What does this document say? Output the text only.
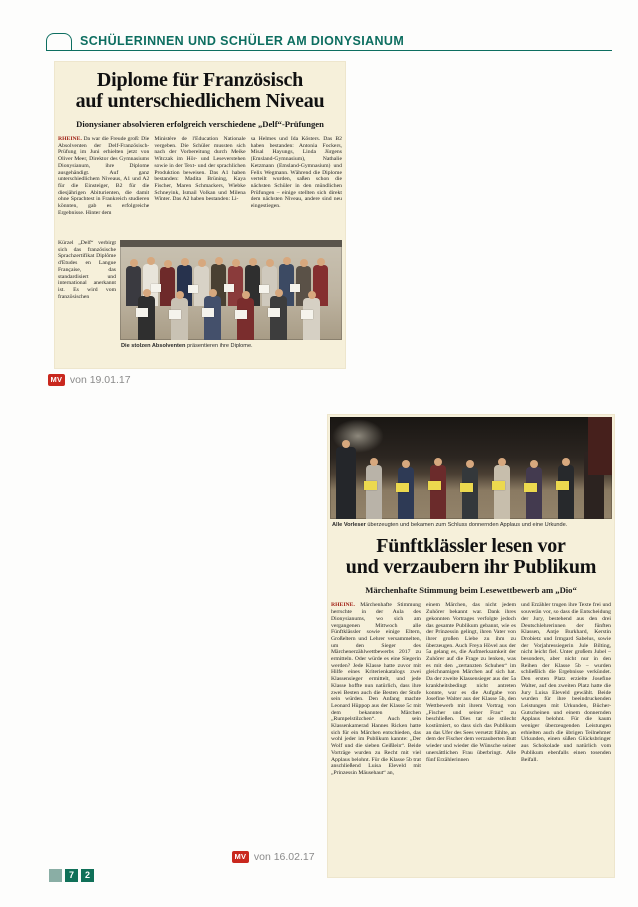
SCHÜLERINNEN UND SCHÜLER AM DIONYSIANUM
Diplome für Französisch
auf unterschiedlichem Niveau
Dionysianer absolvieren erfolgreich verschiedene „Delf“-Prüfungen
RHEINE. Da war die Freude groß: Die Absolventen der Delf-Französisch-Prüfung im Juni erhielten jetzt von Oliver Meer, Direktor des Gymnasiums Dionysianum, ihre Diplome ausgehändigt. Auf ganz unterschiedlichem Niveaus, A1 und A2 für die Einsteiger, B2 für die diesjährigen Abiturienten, die damit ohne Sprachtest in Frankreich studieren könnten, gab es erfolgreiche Ergebnisse. Hinter dem
Ministère de l'Education Nationale vergeben. Die Schüler mussten sich nach der Vorbereitung durch Meike Witczak im Hör- und Leseverstehen sowie in der Text- und der sprachlichen Produktion beweisen. Das A1 haben bestanden: Madita Brüning, Kaya Fischer, Maren Schmackers, Wiebke Schneyink, Ismail Volkan und Milena Winter. Das A2 haben bestanden: Li-
sa Helmes und Ida Kösters. Das B2 haben bestanden: Antonia Fockers, Misal Hayungs, Linda Jürgens (Emsland-Gymnasium), Nathalie Ketzmann (Emsland-Gymnasium) und Felix Wegmann. Während die Diplome verteilt wurden, saßen schon die nächsten Schüler in den mündlichen Prüfungen – einige stellten sich direkt dem nächsten Niveau, andere sind neu eingestiegen.
Kürzel „Delf“ verbirgt sich das französische Sprachzertifikat Diplôme d'Etudes en Langue Française, das standardisiert und international anerkannt ist. Es wird vom französischen
Die stolzen Absolventen präsentieren ihre Diplome.
MV von 19.01.17
Alle Vorleser überzeugten und bekamen zum Schluss donnernden Applaus und eine Urkunde.
Fünftklässler lesen vor
und verzaubern ihr Publikum
Märchenhafte Stimmung beim Lesewettbewerb am „Dio“
RHEINE. Märchenhafte Stimmung herrschte in der Aula des Dionysianums, wo sich am vergangenen Mittwoch alle Fünftklässler sowie einige Eltern, Großeltern und Lehrer versammelten, um den Sieger des Märchenerzählwettbewerbs 2017 zu ermitteln. Oder würde es eine Siegerin werden? Jede Klasse hatte zuvor mit Hilfe eines Kriterienkatalogs zwei Klassensieger ermittelt, und jede Klasse hoffte nun natürlich, dass ihre zwei Besten auch die Besten der Stufe sein würden. Den Anfang machte Leonard Hüppop aus der Klasse 5c mit dem bekannten Märchen „Rumpelstilzchen“. Auch sein Klassenkamerad Hannes Ricken hatte sich für ein Märchen entschieden, das wohl jeder im Publikum kannte: „Der Wolf und die sieben Geißlein“. Beide Vorträge wurden zu Recht mit viel Applaus belohnt. Für die Klasse 5b trat anschließend Luisa Eleveld mit „Prinzessin Mäusehaut“ an,
einem Märchen, das nicht jedem Zuhörer bekannt war. Dank ihres gekonnten Vortrages verfolgte jedoch das gesamte Publikum gebannt, wie es der Prinzessin gelingt, ihren Vater von ihrer großen Liebe zu ihm zu überzeugen. Auch Freya Hövel aus der 5a gelang es, die Aufmerksamkeit der Zuhörer auf die Frage zu lenken, was es mit den „zertanzten Schuhen“ im gleichnamigen Märchen auf sich hat. Da der zweite Klassensieger aus der 5a krankheitsbedingt nicht antreten konnte, war es die Aufgabe von Josefine Walter aus der Klasse 5b, den Wettbewerb mit ihrem Vortrag von „Fischer und seiner Frau“ zu beschließen. Dies tat sie stilecht kostümiert, so dass sich das Publikum an das Ufer des Sees versetzt fühlte, an dem der Fischer dem verzauberten Butt wieder und wieder die Wünsche seiner unersättlichen Frau überbringt. Alle fünf Erzählerinnen
und Erzähler trugen ihre Texte frei und souverän vor, so dass die Entscheidung der Jury, bestehend aus den drei Deutschlehrerinnen der fünften Klassen, Antje Burkhard, Kerstin Drobietz und Irmgard Sabelus, sowie der Vorjahressiegerin Jule Bilting, nicht leicht fiel. Unter großem Jubel – besonders, aber nicht nur in den Reihen der Klasse 5b – wurden schließlich die Ergebnisse verkündet. Den ersten Platz erzielte Josefine Walter, auf den zweiten Platz hatte die Jury Luisa Eleveld gewählt. Beide wurden für ihre beeindruckenden Leistungen mit Urkunden, Bücher-Gutscheinen und einem donnernden Applaus belohnt. Für die kaum weniger überzeugenden Leistungen erhielten auch die übrigen Teilnehmer Urkunden, einen süßen Glücksbringer aus Schokolade und natürlich vom Publikum ebenfalls einen tosenden Beifall.
MV von 16.02.17
7	2
